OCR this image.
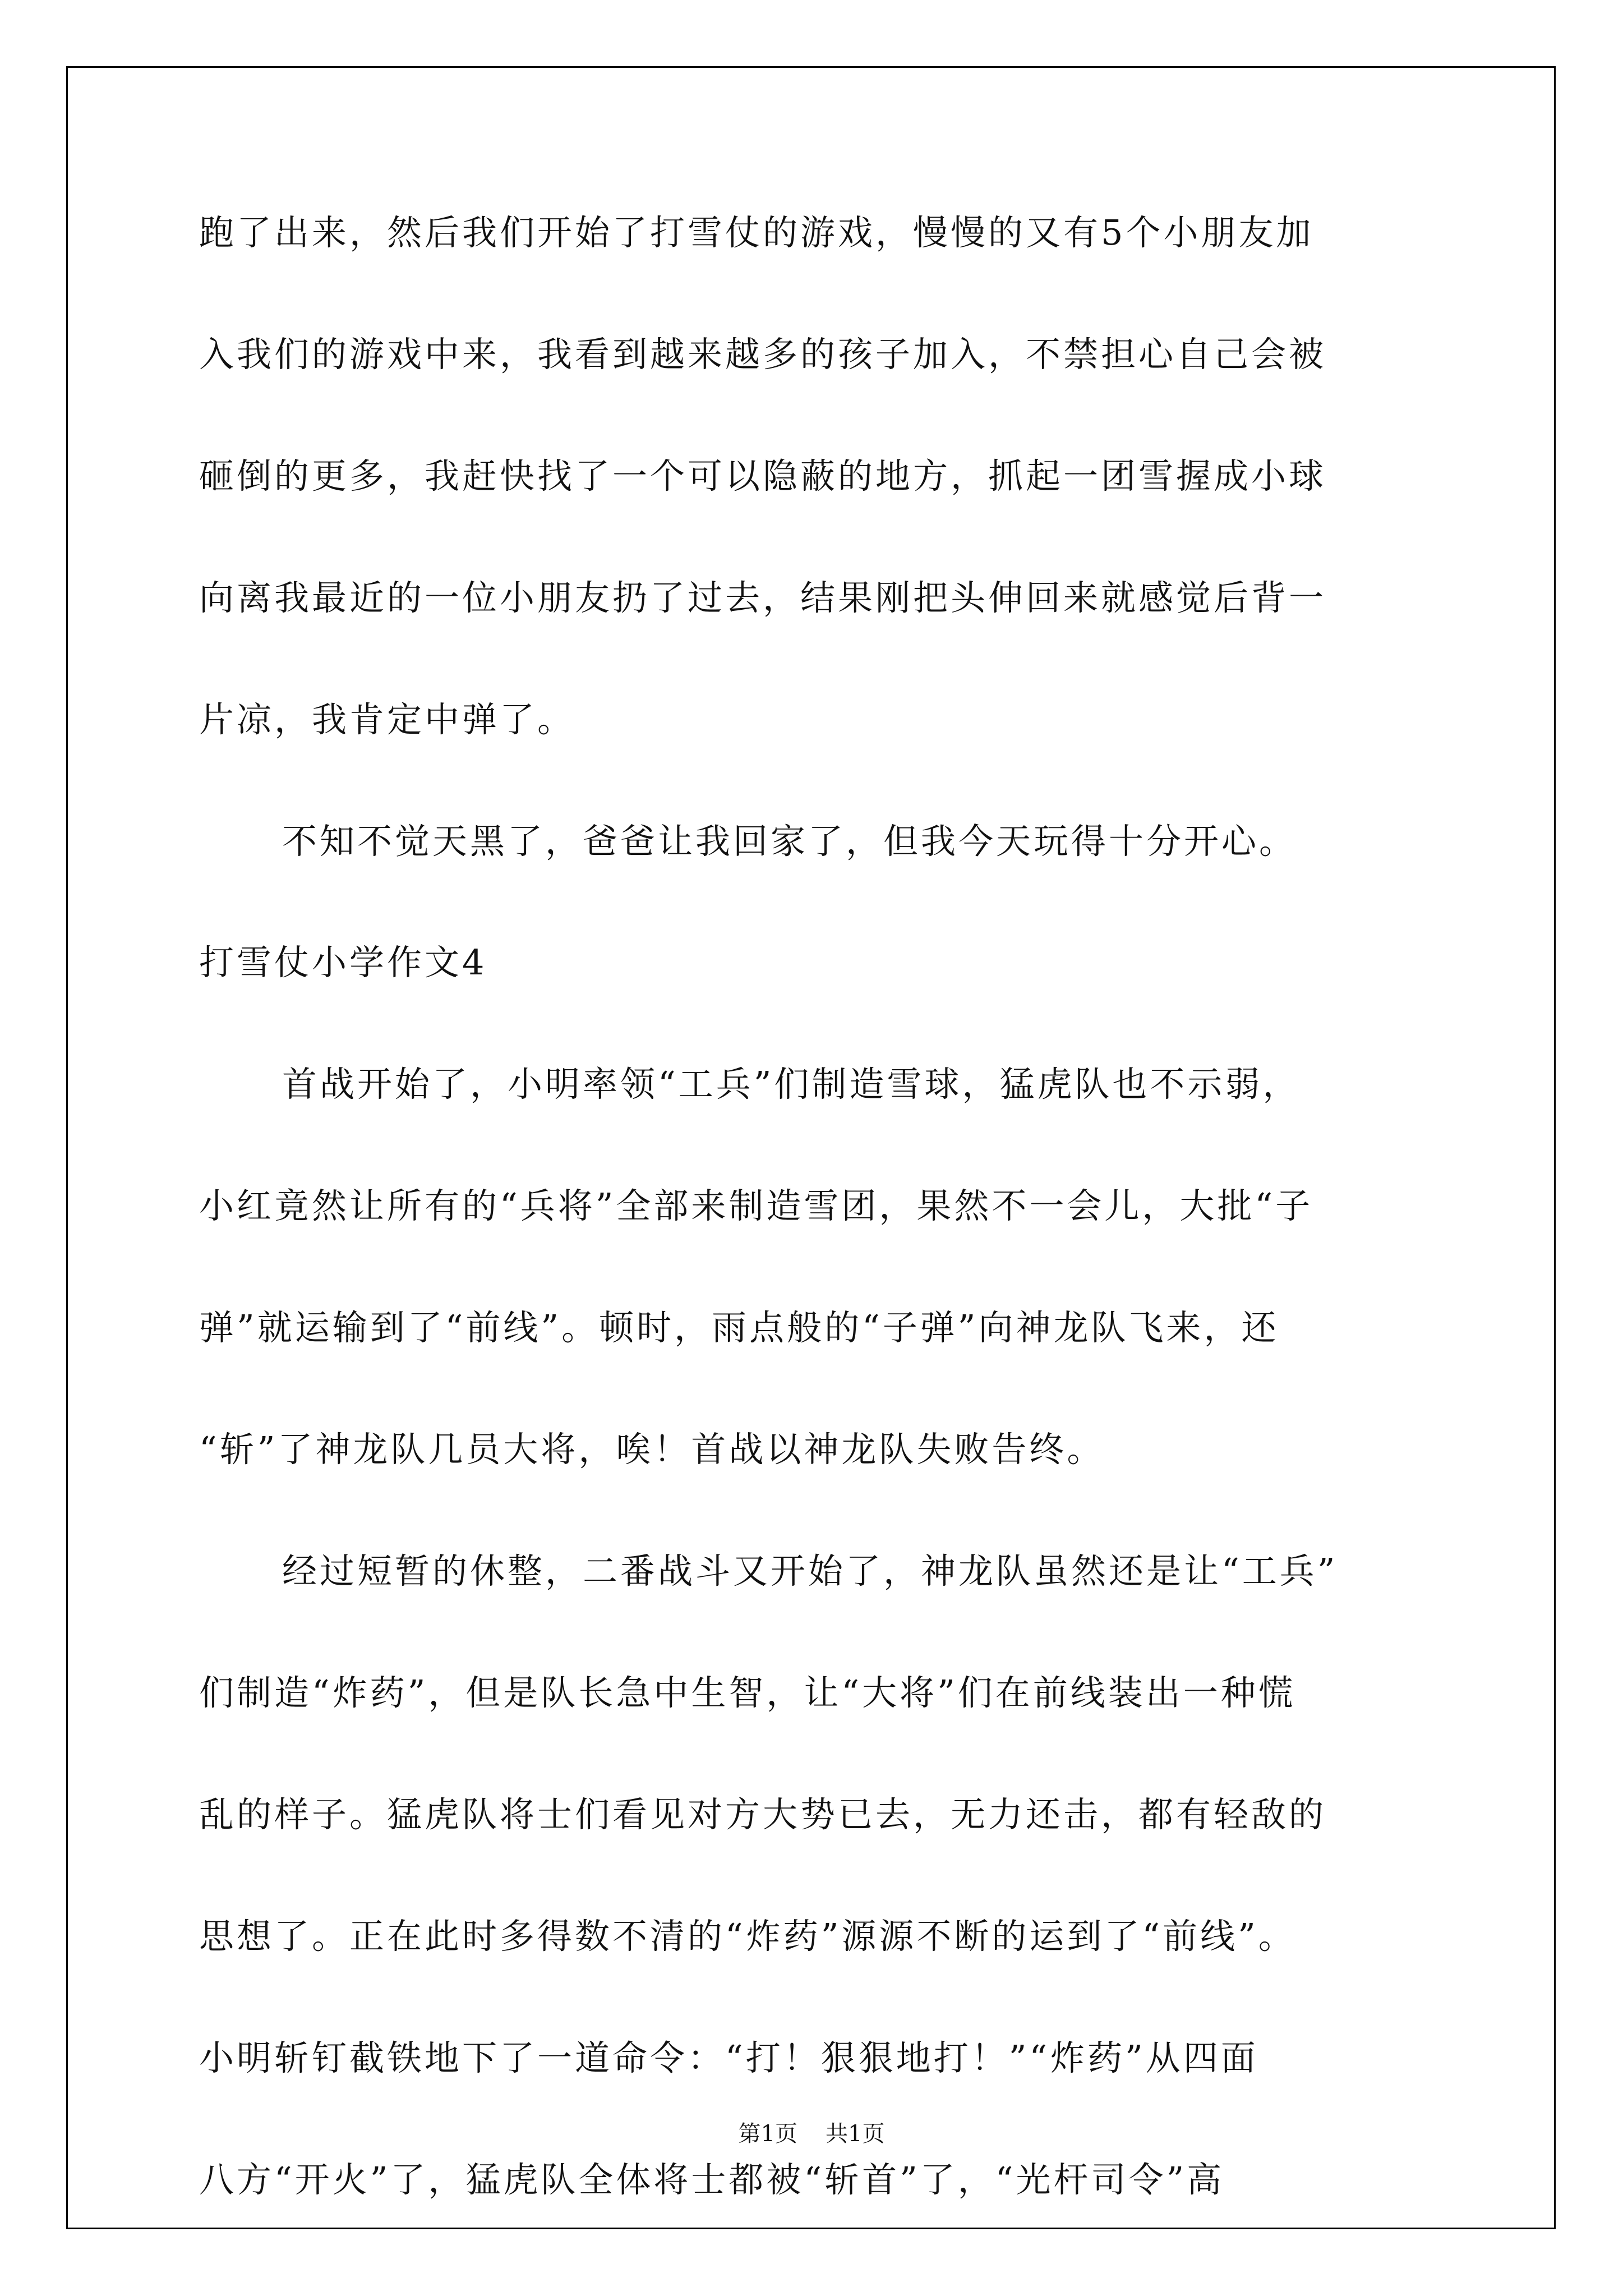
跑了出来，然后我们开始了打雪仗的游戏，慢慢的又有5个小朋友加
入我们的游戏中来，我看到越来越多的孩子加入，不禁担心自己会被
砸倒的更多，我赶快找了一个可以隐蔽的地方，抓起一团雪握成小球
向离我最近的一位小朋友扔了过去，结果刚把头伸回来就感觉后背一
片凉，我肯定中弹了。
不知不觉天黑了，爸爸让我回家了，但我今天玩得十分开心。
打雪仗小学作文4
首战开始了，小明率领“工兵”们制造雪球，猛虎队也不示弱，
小红竟然让所有的“兵将”全部来制造雪团，果然不一会儿，大批“子
弹”就运输到了“前线”。顿时，雨点般的“子弹”向神龙队飞来，还
“斩”了神龙队几员大将，唉！首战以神龙队失败告终。
经过短暂的休整，二番战斗又开始了，神龙队虽然还是让“工兵”
们制造“炸药”，但是队长急中生智，让“大将”们在前线装出一种慌
乱的样子。猛虎队将士们看见对方大势已去，无力还击，都有轻敌的
思想了。正在此时多得数不清的“炸药”源源不断的运到了“前线”。
小明斩钉截铁地下了一道命令：“打！狠狠地打！”“炸药”从四面
八方“开火”了，猛虎队全体将士都被“斩首”了，“光杆司令”高
第1页 共1页
